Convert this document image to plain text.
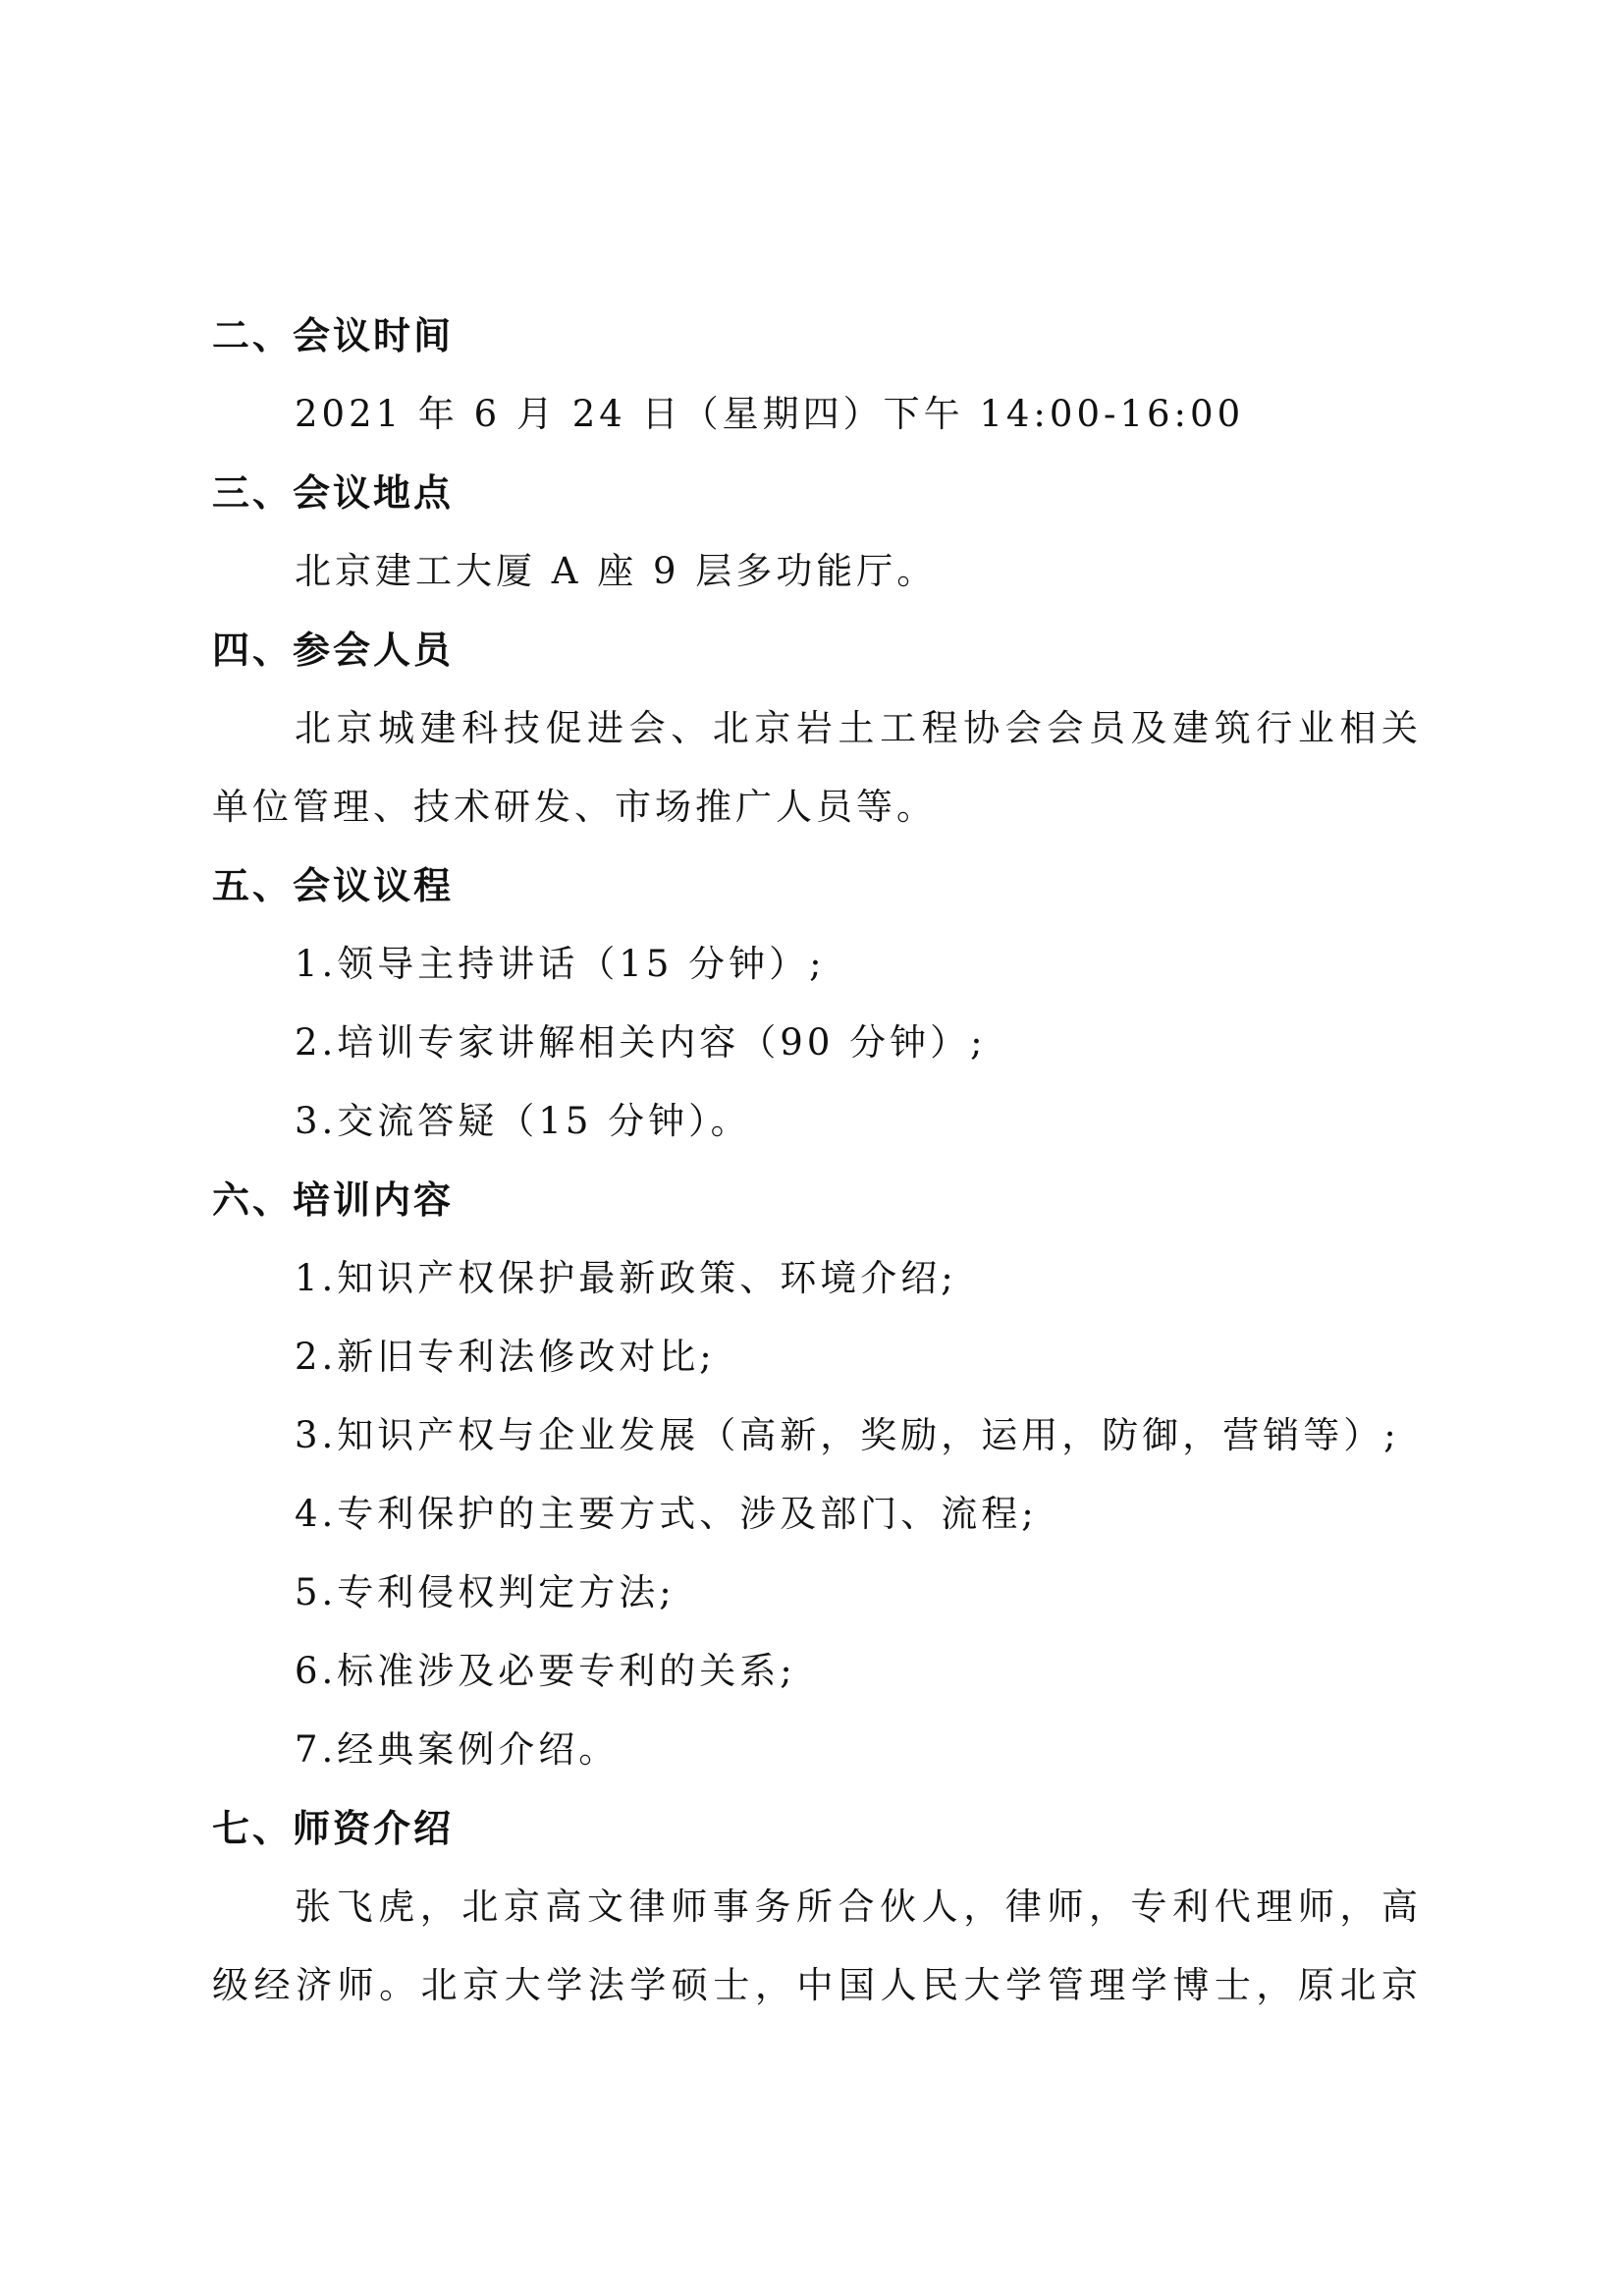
二、会议时间
2021 年 6 月 24 日（星期四）下午 14:00-16:00
三、会议地点
北京建工大厦 A 座 9 层多功能厅。
四、参会人员
北京城建科技促进会、北京岩土工程协会会员及建筑行业相关
单位管理、技术研发、市场推广人员等。
五、会议议程
1.领导主持讲话（15 分钟）;
2.培训专家讲解相关内容（90 分钟）;
3.交流答疑（15 分钟）。
六、培训内容
1.知识产权保护最新政策、环境介绍;
2.新旧专利法修改对比;
3.知识产权与企业发展（高新，奖励，运用，防御，营销等）;
4.专利保护的主要方式、涉及部门、流程;
5.专利侵权判定方法;
6.标准涉及必要专利的关系;
7.经典案例介绍。
七、师资介绍
张飞虎，北京高文律师事务所合伙人，律师，专利代理师，高
级经济师。北京大学法学硕士，中国人民大学管理学博士，原北京
